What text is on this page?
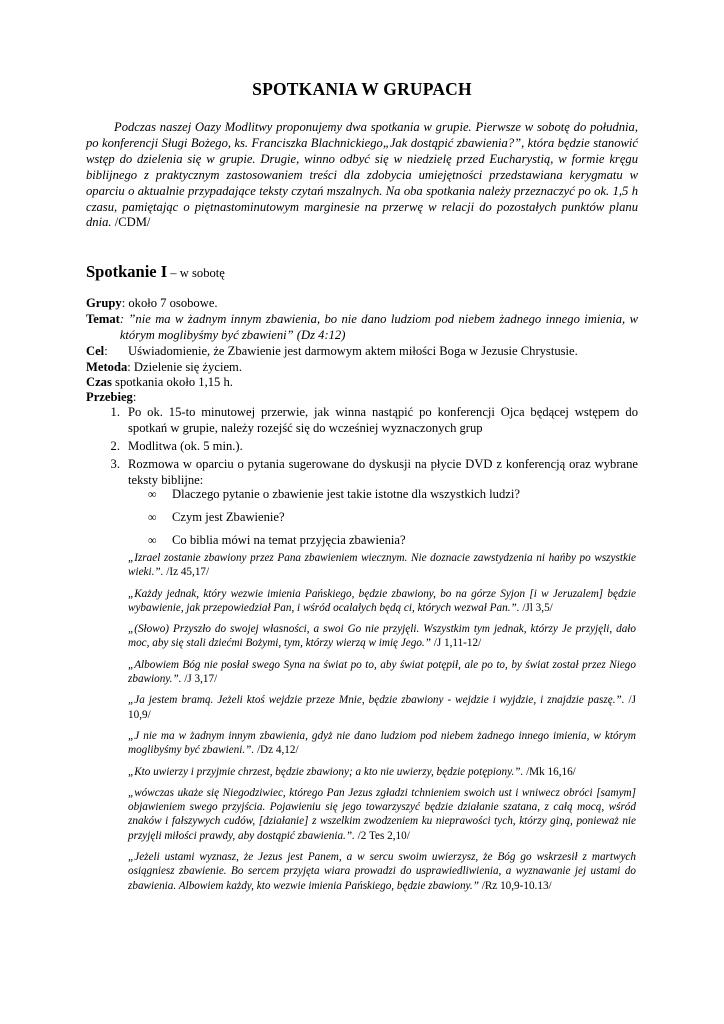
SPOTKANIA W GRUPACH
Podczas naszej Oazy Modlitwy proponujemy dwa spotkania w grupie. Pierwsze w sobotę do południa, po konferencji Sługi Bożego, ks. Franciszka Blachnickiego„Jak dostąpić zbawienia?”, która będzie stanowić wstęp do dzielenia się w grupie. Drugie, winno odbyć się w niedzielę przed Eucharystią, w formie kręgu biblijnego z praktycznym zastosowaniem treści dla zdobycia umiejętności przedstawiana kerygmatu w oparciu o aktualnie przypadające teksty czytań mszalnych. Na oba spotkania należy przeznaczyć po ok. 1,5 h czasu, pamiętając o piętnastominutowym marginesie na przerwę w relacji do pozostałych punktów planu dnia. /CDM/
Spotkanie I – w sobotę
Grupy: około 7 osobowe.
Temat : ”nie ma w żadnym innym zbawienia, bo nie dano ludziom pod niebem żadnego innego imienia, w którym moglibyśmy być zbawieni” (Dz 4:12)
Cel:	Uświadomienie, że Zbawienie jest darmowym aktem miłości Boga w Jezusie Chrystusie.
Metoda: Dzielenie się życiem.
Czas spotkania około 1,15 h.
Przebieg:
1. Po ok. 15-to minutowej przerwie, jak winna nastąpić po konferencji Ojca będącej wstępem do spotkań w grupie, należy rozejść się do wcześniej wyznaczonych grup
2. Modlitwa (ok. 5 min.).
3. Rozmowa w oparciu o pytania sugerowane do dyskusji na płycie DVD z konferencją oraz wybrane teksty biblijne:
∞	Dlaczego pytanie o zbawienie jest takie istotne dla wszystkich ludzi?
∞	Czym jest Zbawienie?
∞	Co biblia mówi na temat przyjęcia zbawienia?
„Izrael zostanie zbawiony przez Pana zbawieniem wiecznym. Nie doznacie zawstydzenia ni hańby po wszystkie wieki.”. /Iz 45,17/
„Każdy jednak, który wezwie imienia Pańskiego, będzie zbawiony, bo na górze Syjon [i w Jeruzalem] będzie wybawienie, jak przepowiedział Pan, i wśród ocalałych będą ci, których wezwał Pan.”. /Jl 3,5/
„(Słowo) Przyszło do swojej własności, a swoi Go nie przyjęli. Wszystkim tym jednak, którzy Je przyjęli, dało moc, aby się stali dziećmi Bożymi, tym, którzy wierzą w imię Jego.” /J 1,11-12/
„Albowiem Bóg nie posłał swego Syna na świat po to, aby świat potępił, ale po to, by świat został przez Niego zbawiony.”. /J 3,17/
„Ja jestem bramą. Jeżeli ktoś wejdzie przeze Mnie, będzie zbawiony - wejdzie i wyjdzie, i znajdzie paszę.”. /J 10,9/
„J nie ma w żadnym innym zbawienia, gdyż nie dano ludziom pod niebem żadnego innego imienia, w którym moglibyśmy być zbawieni.”. /Dz 4,12/
„Kto uwierzy i przyjmie chrzest, będzie zbawiony; a kto nie uwierzy, będzie potępiony.”. /Mk 16,16/
„wówczas ukaże się Niegodziwiec, którego Pan Jezus zgładzi tchnieniem swoich ust i wniwecz obróci [samym] objawieniem swego przyjścia. Pojawieniu się jego towarzyszyć będzie działanie szatana, z całą mocą, wśród znaków i fałszywych cudów, [działanie] z wszelkim zwodzeniem ku nieprawości tych, którzy giną, ponieważ nie przyjęli miłości prawdy, aby dostąpić zbawienia.”. /2 Tes 2,10/
„Jeżeli ustami wyznasz, że Jezus jest Panem, a w sercu swoim uwierzysz, że Bóg go wskrzesił z martwych osiągniesz zbawienie. Bo sercem przyjęta wiara prowadzi do usprawiedliwienia, a wyznawanie jej ustami do zbawienia. Albowiem każdy, kto wezwie imienia Pańskiego, będzie zbawiony.” /Rz 10,9-10.13/
